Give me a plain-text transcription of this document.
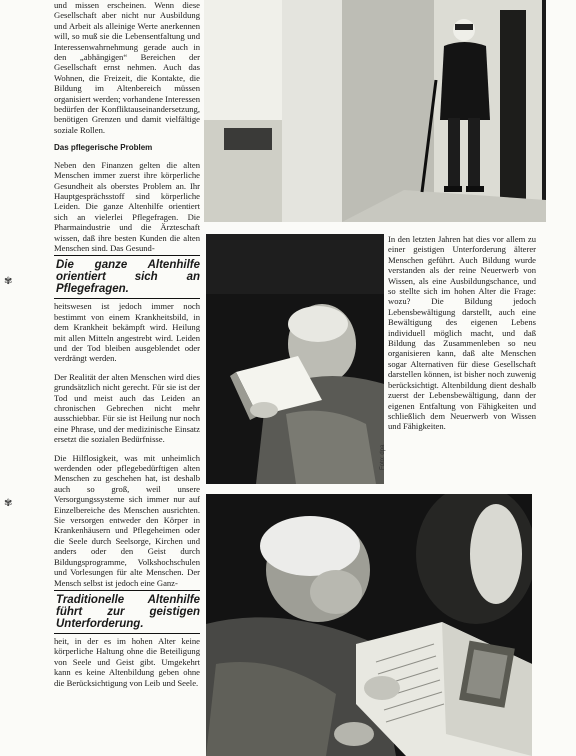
und missen erscheinen. Wenn diese Gesellschaft aber nicht nur Ausbildung und Arbeit als alleinige Werte anerkennen will, so muß sie die Lebensentfaltung und Interessenwahrnehmung gerade auch in den „abhängigen“ Bereichen der Gesellschaft ernst nehmen. Auch das Wohnen, die Freizeit, die Kontakte, die Bildung im Altenbereich müssen organisiert werden; vorhandene Interessen bedürfen der Konfliktauseinandersetzung, benötigen Grenzen und damit vielfältige soziale Rollen.

Das pflegerische Problem

Neben den Finanzen gelten die alten Menschen immer zuerst ihre körperliche Gesundheit als oberstes Problem an. Ihr Hauptgesprächsstoff sind körperliche Leiden. Die ganze Altenhilfe orientiert sich an vielerlei Pflegefragen. Die Pharmaindustrie und die Ärzteschaft wissen, daß ihre besten Kunden die alten Menschen sind. Das Gesund-

Die ganze Altenhilfe orientiert sich an Pflegefragen.

heitswesen ist jedoch immer noch bestimmt von einem Krankheitsbild, in dem Krankheit bekämpft wird. Heilung mit allen Mitteln angestrebt wird. Leiden und der Tod bleiben ausgeblendet oder verdrängt werden.

Der Realität der alten Menschen wird dies grundsätzlich nicht gerecht. Für sie ist der Tod und meist auch das Leiden an chronischen Gebrechen nicht mehr ausschiebbar. Für sie ist Heilung nur noch eine Phrase, und der medizinische Einsatz ersetzt die sozialen Bedürfnisse.

Die Hilflosigkeit, was mit unheimlich werdenden oder pflegebedürftigen alten Menschen zu geschehen hat, ist deshalb auch so groß, weil unsere Versorgungssysteme sich immer nur auf Einzelbereiche des Menschen ausrichten. Sie versorgen entweder den Körper in Krankenhäusern und Pflegeheimen oder die Seele durch Seelsorge, Kirchen und anders oder den Geist durch Bildungsprogramme, Volkshochschulen und Vorlesungen für alte Menschen. Der Mensch selbst ist jedoch eine Ganz-

Traditionelle Altenhilfe führt zur geistigen Unterforderung.

heit, in der es im hohen Alter keine körperliche Haltung ohne die Beteiligung von Seele und Geist gibt. Umgekehrt kann es keine Altenbildung geben ohne die Berücksichtigung von Leib und Seele.

✾
✾
Foto: dpa

In den letzten Jahren hat dies vor allem zu einer geistigen Unterforderung älterer Menschen geführt. Auch Bildung wurde verstanden als der reine Neuerwerb von Wissen, als eine Ausbildungschance, und so stellte sich im hohen Alter die Frage: wozu? Die Bildung jedoch Lebensbewältigung darstellt, auch eine Bewältigung des eigenen Lebens individuell möglich macht, und daß Bildung das Zusammenleben so neu organisieren kann, daß alte Menschen sogar Alternativen für diese Gesellschaft darstellen können, ist bisher noch zuwenig berücksichtigt. Altenbildung dient deshalb zuerst der Lebensbewältigung, dann der eigenen Entfaltung von Fähigkeiten und schließlich dem Neuerwerb von Wissen und Fähigkeiten.
